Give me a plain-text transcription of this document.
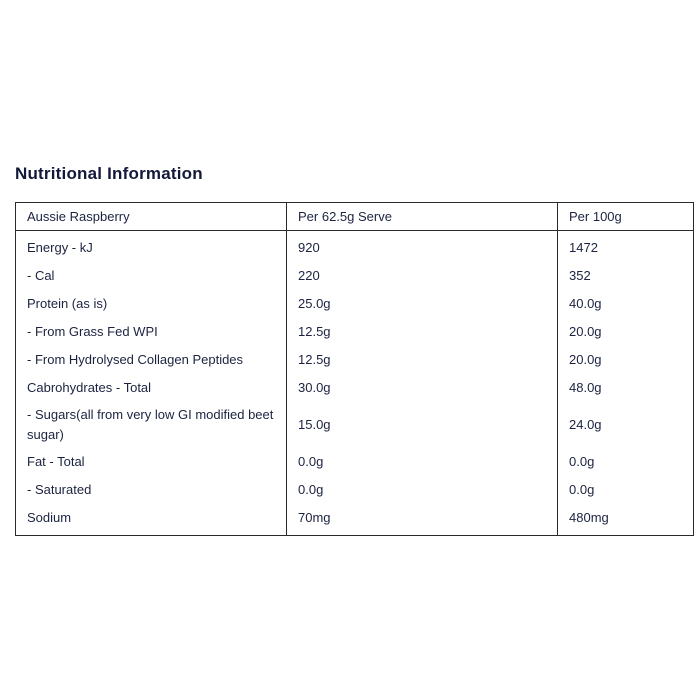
Nutritional Information
Aussie Raspberry	Per 62.5g Serve	Per 100g
Energy - kJ	920	1472
- Cal	220	352
Protein (as is)	25.0g	40.0g
- From Grass Fed WPI	12.5g	20.0g
- From Hydrolysed Collagen Peptides	12.5g	20.0g
Cabrohydrates - Total	30.0g	48.0g
- Sugars(all from very low GI modified beet sugar)	15.0g	24.0g
Fat - Total	0.0g	0.0g
- Saturated	0.0g	0.0g
Sodium	70mg	480mg
